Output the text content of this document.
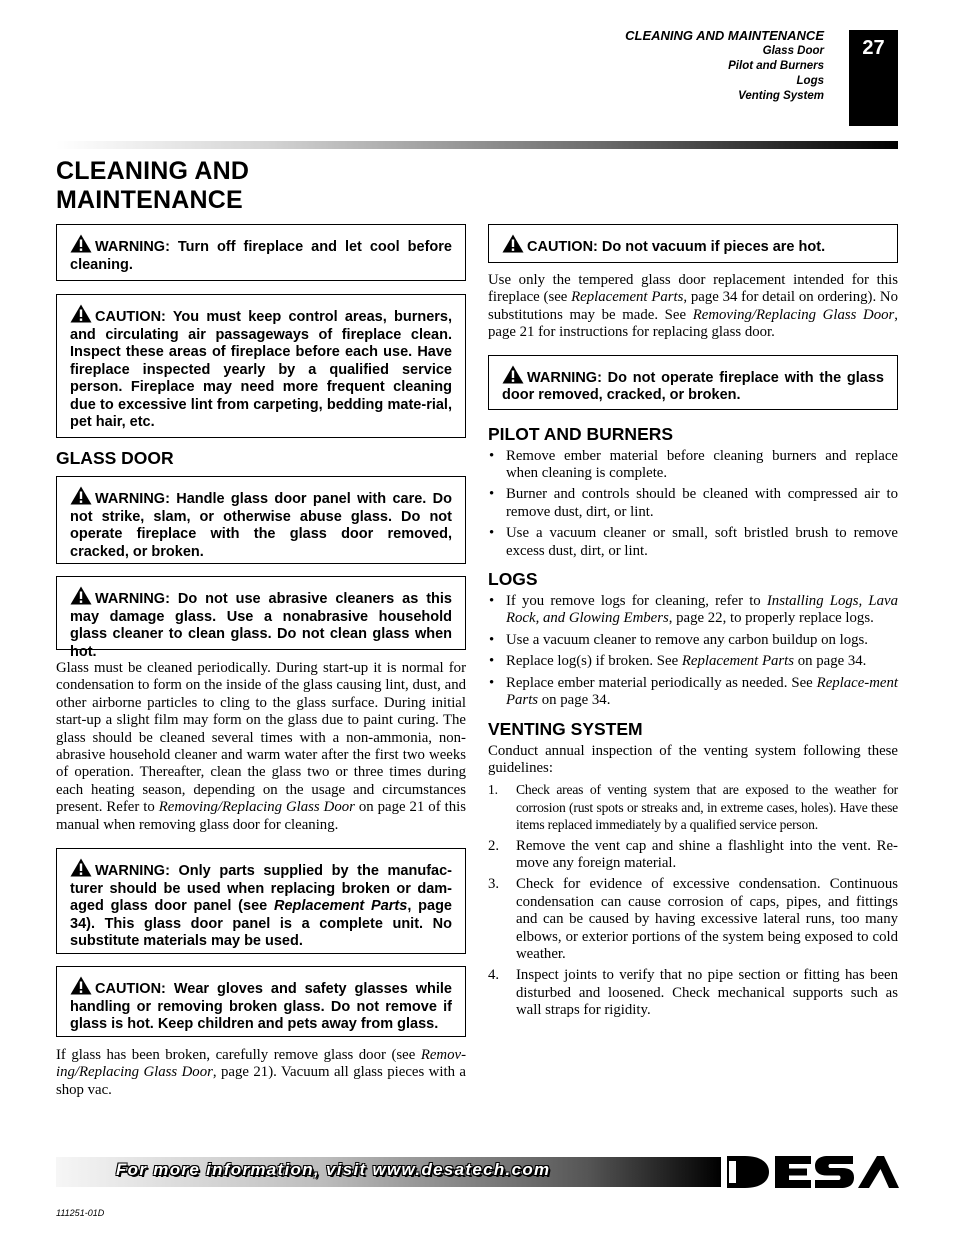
CLEANING AND MAINTENANCE
Glass Door
Pilot and Burners
Logs
Venting System
27
CLEANING AND
MAINTENANCE
WARNING: Turn off fireplace and let cool before cleaning.
CAUTION: You must keep control areas, burners, and circulating air passageways of fireplace clean. Inspect these areas of fireplace before each use. Have fireplace inspected yearly by a qualified service person. Fireplace may need more frequent cleaning due to excessive lint from carpeting, bedding mate-rial, pet hair, etc.
GLASS DOOR
WARNING: Handle glass door panel with care. Do not strike, slam, or otherwise abuse glass. Do not operate fireplace with the glass door removed, cracked, or broken.
WARNING: Do not use abrasive cleaners as this may damage glass. Use a nonabrasive household glass cleaner to clean glass. Do not clean glass when hot.

Glass must be cleaned periodically. During start-up it is normal for condensation to form on the inside of the glass causing lint, dust, and other airborne particles to cling to the glass surface. During initial start-up a slight film may form on the glass due to paint curing. The glass should be cleaned several times with a non-ammonia, non-abrasive household cleaner and warm water after the first two weeks of operation. Thereafter, clean the glass two or three times during each heating season, depending on the usage and circumstances present. Refer to Removing/Replacing Glass Door on page 21 of this manual when removing glass door for cleaning.

WARNING: Only parts supplied by the manufac-turer should be used when replacing broken or dam-aged glass door panel (see Replacement Parts, page 34). This glass door panel is a complete unit. No substitute materials may be used.
CAUTION: Wear gloves and safety glasses while handling or removing broken glass. Do not remove if glass is hot. Keep children and pets away from glass.

If glass has been broken, carefully remove glass door (see Remov-ing/Replacing Glass Door, page 21). Vacuum all glass pieces with a shop vac.

CAUTION: Do not vacuum if pieces are hot.

Use only the tempered glass door replacement intended for this fireplace (see Replacement Parts, page 34 for detail on ordering). No substitutions may be made. See Removing/Replacing Glass Door, page 21 for instructions for replacing glass door.

WARNING: Do not operate fireplace with the glass door removed, cracked, or broken.
PILOT AND BURNERS
• Remove ember material before cleaning burners and replace when cleaning is complete.
• Burner and controls should be cleaned with compressed air to remove dust, dirt, or lint.
• Use a vacuum cleaner or small, soft bristled brush to remove excess dust, dirt, or lint.
LOGS
• If you remove logs for cleaning, refer to Installing Logs, Lava Rock, and Glowing Embers, page 22, to properly replace logs.
• Use a vacuum cleaner to remove any carbon buildup on logs.
• Replace log(s) if broken. See Replacement Parts on page 34.
• Replace ember material periodically as needed. See Replace-ment Parts on page 34.
VENTING SYSTEM

Conduct annual inspection of the venting system following these guidelines:

1. Check areas of venting system that are exposed to the weather for corrosion (rust spots or streaks and, in extreme cases, holes). Have these items replaced immediately by a qualified service person.
2. Remove the vent cap and shine a flashlight into the vent. Re-move any foreign material.
3. Check for evidence of excessive condensation. Continuous condensation can cause corrosion of caps, pipes, and fittings and can be caused by having excessive lateral runs, too many elbows, or exterior portions of the system being exposed to cold weather.
4. Inspect joints to verify that no pipe section or fitting has been disturbed and loosened. Check mechanical supports such as wall straps for rigidity.
For more information, visit www.desatech.com
111251-01D
